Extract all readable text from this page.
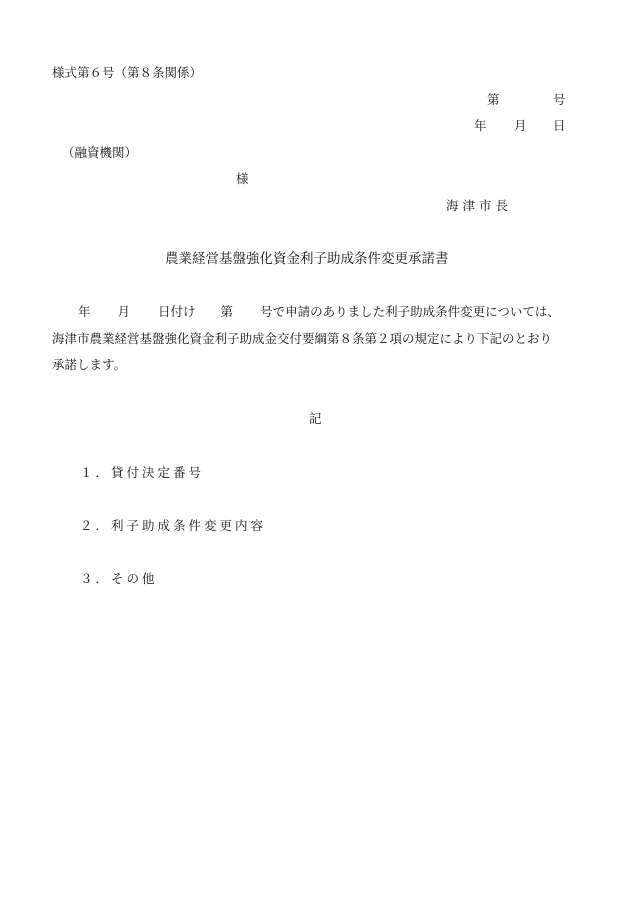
様式第６号（第８条関係）
第	号
年 月 日
（融資機関）
様
海 津 市 長
農業経営基盤強化資金利子助成条件変更承諾書
年 月 日付け 第 号で申請のありました利子助成条件変更については、
海津市農業経営基盤強化資金利子助成金交付要綱第８条第２項の規定により下記のとおり
承諾します。
記
１．貸付決定番号
２．利子助成条件変更内容
３．その他
